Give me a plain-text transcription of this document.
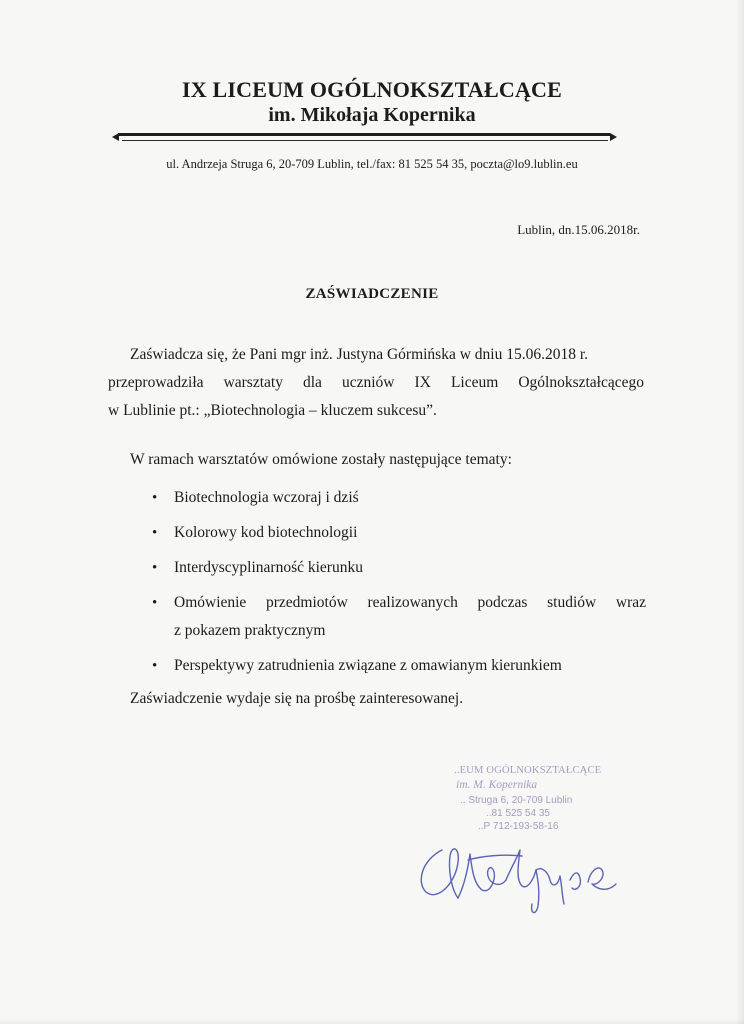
IX LICEUM OGÓLNOKSZTAŁCĄCE
im. Mikołaja Kopernika
ul. Andrzeja Struga 6, 20-709 Lublin, tel./fax: 81 525 54 35, poczta@lo9.lublin.eu
Lublin, dn.15.06.2018r.
ZAŚWIADCZENIE
Zaświadcza się, że Pani mgr inż. Justyna Górmińska w dniu 15.06.2018 r.
przeprowadziła warsztaty dla uczniów IX Liceum Ogólnokształcącego
w Lublinie pt.: „Biotechnologia – kluczem sukcesu”.
W ramach warsztatów omówione zostały następujące tematy:
• Biotechnologia wczoraj i dziś
• Kolorowy kod biotechnologii
• Interdyscyplinarność kierunku
• Omówienie przedmiotów realizowanych podczas studiów wraz
z pokazem praktycznym
• Perspektywy zatrudnienia związane z omawianym kierunkiem
Zaświadczenie wydaje się na prośbę zainteresowanej.
..EUM OGÓLNOKSZTAŁCĄCE
im. M. Kopernika
.. Struga 6, 20-709 Lublin
..81 525 54 35
..P 712-193-58-16
